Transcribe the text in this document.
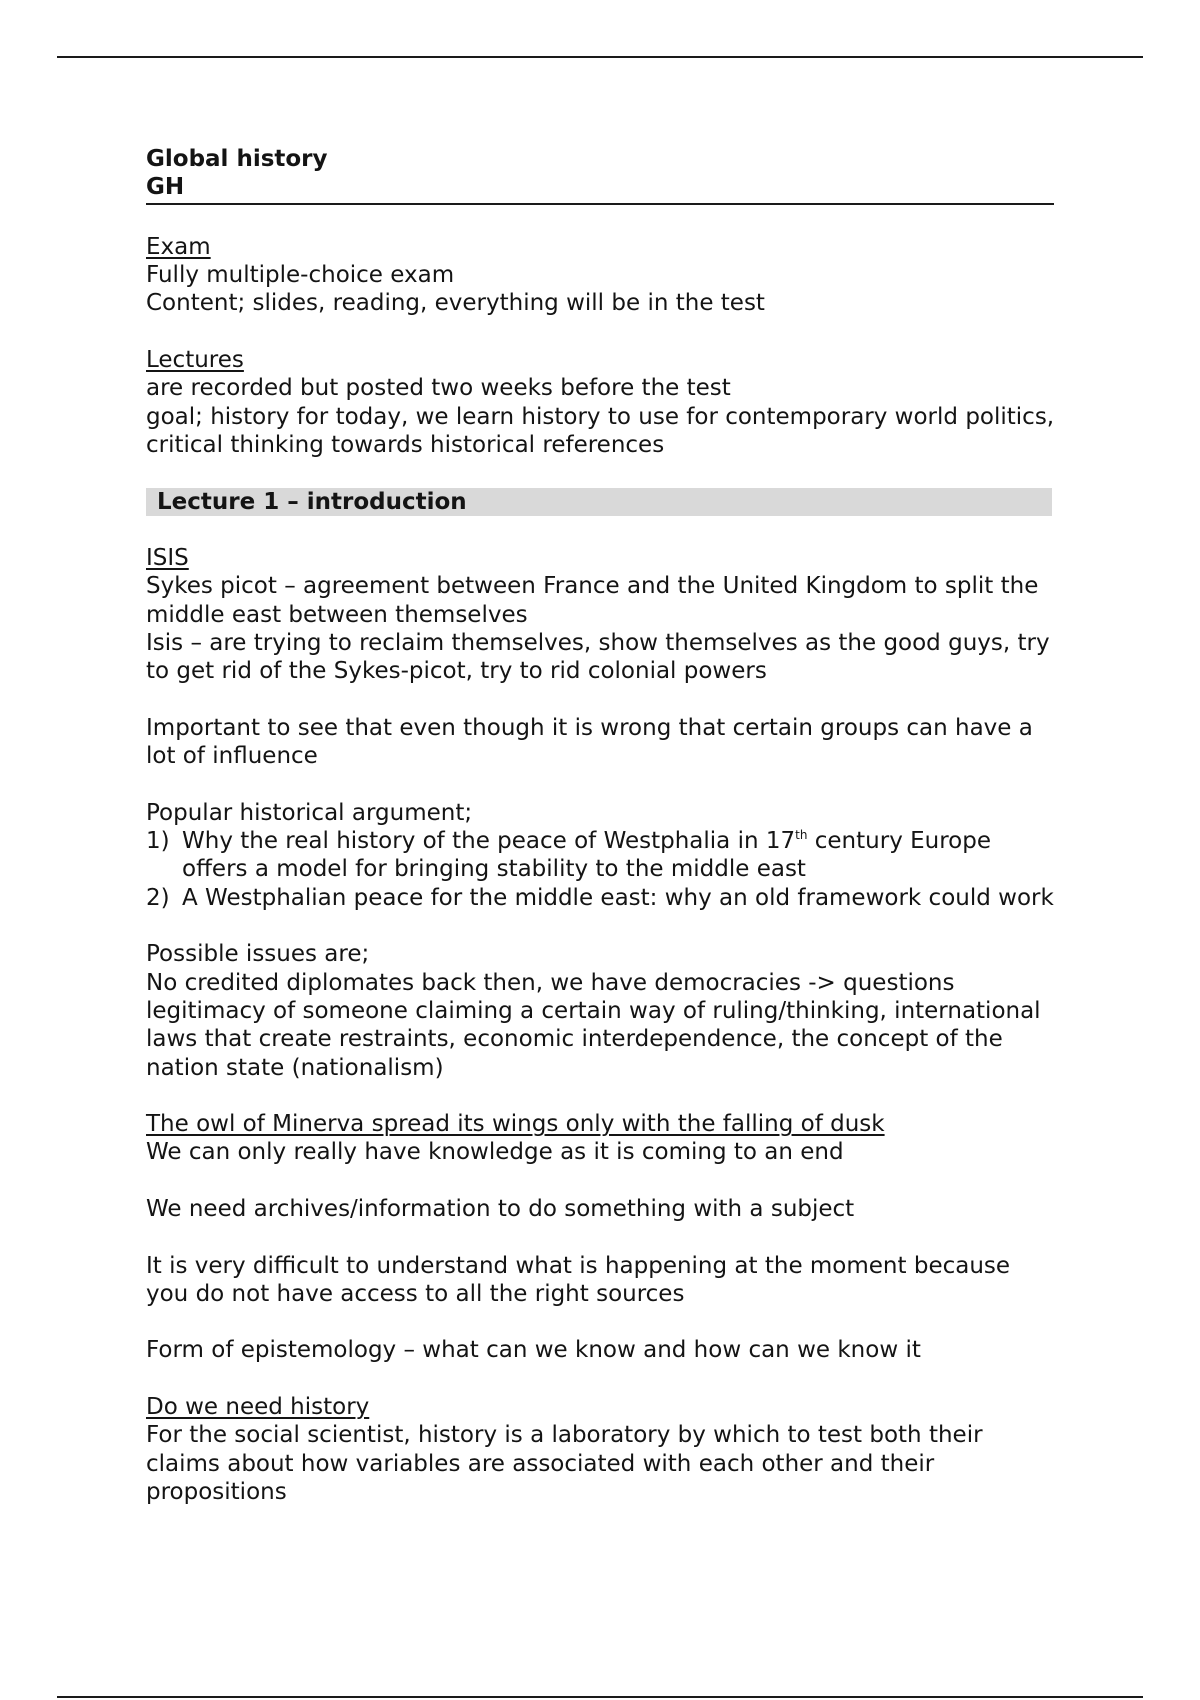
Global history
GH
Exam
Fully multiple-choice exam
Content; slides, reading, everything will be in the test
Lectures
are recorded but posted two weeks before the test
goal; history for today, we learn history to use for contemporary world politics, critical thinking towards historical references
Lecture 1 – introduction
ISIS
Sykes picot – agreement between France and the United Kingdom to split the middle east between themselves
Isis – are trying to reclaim themselves, show themselves as the good guys, try to get rid of the Sykes-picot, try to rid colonial powers
Important to see that even though it is wrong that certain groups can have a lot of influence
Popular historical argument;
1) Why the real history of the peace of Westphalia in 17th century Europe offers a model for bringing stability to the middle east
2) A Westphalian peace for the middle east: why an old framework could work
Possible issues are;
No credited diplomates back then, we have democracies -> questions legitimacy of someone claiming a certain way of ruling/thinking, international laws that create restraints, economic interdependence, the concept of the nation state (nationalism)
The owl of Minerva spread its wings only with the falling of dusk
We can only really have knowledge as it is coming to an end
We need archives/information to do something with a subject
It is very difficult to understand what is happening at the moment because you do not have access to all the right sources
Form of epistemology – what can we know and how can we know it
Do we need history
For the social scientist, history is a laboratory by which to test both their claims about how variables are associated with each other and their propositions
